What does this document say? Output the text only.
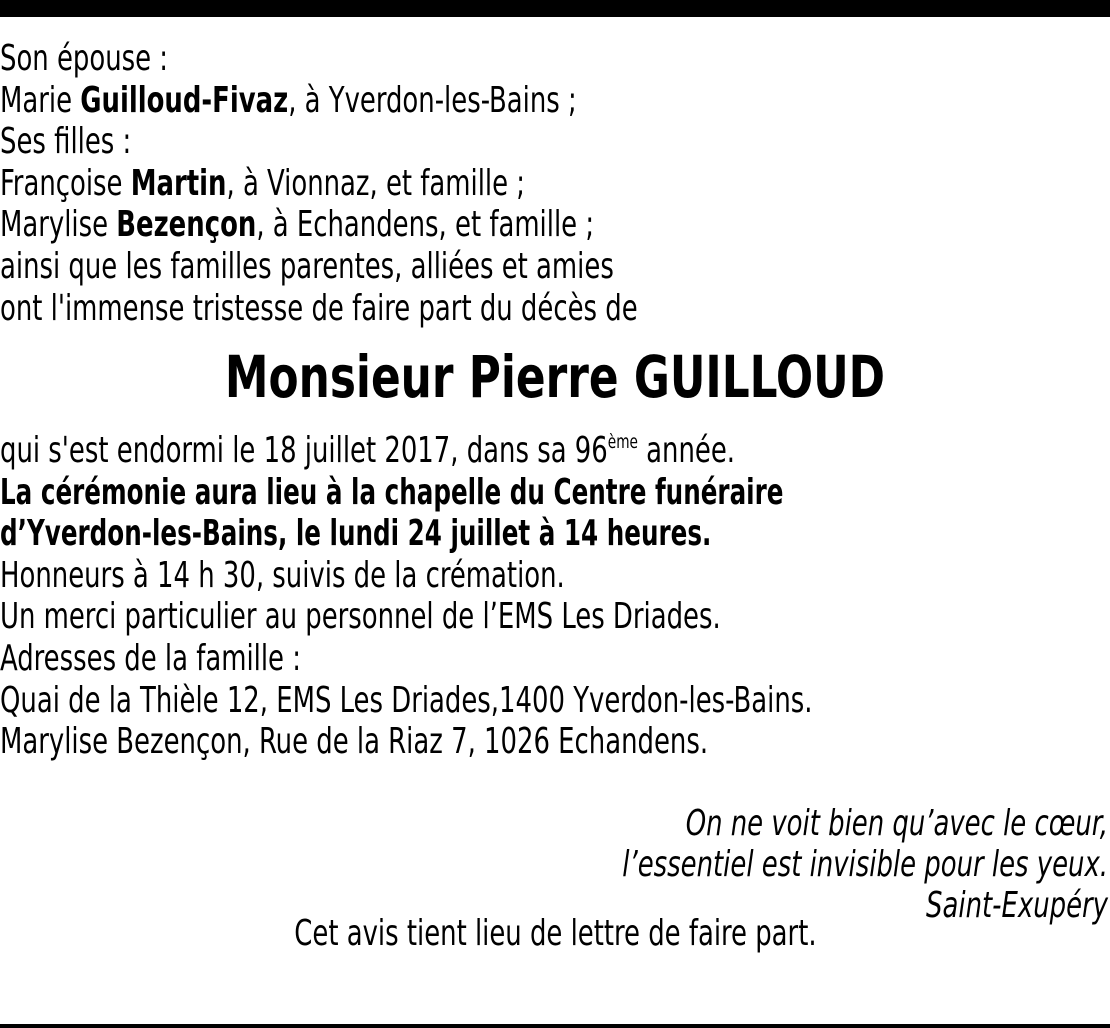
Son épouse :
Marie Guilloud-Fivaz, à Yverdon-les-Bains ;
Ses filles :
Françoise Martin, à Vionnaz, et famille ;
Marylise Bezençon, à Echandens, et famille ;
ainsi que les familles parentes, alliées et amies
ont l'immense tristesse de faire part du décès de
Monsieur Pierre GUILLOUD
qui s'est endormi le 18 juillet 2017, dans sa 96ème année.
La cérémonie aura lieu à la chapelle du Centre funéraire
d’Yverdon-les-Bains, le lundi 24 juillet à 14 heures.
Honneurs à 14 h 30, suivis de la crémation.
Un merci particulier au personnel de l’EMS Les Driades.
Adresses de la famille :
Quai de la Thièle 12, EMS Les Driades,1400 Yverdon-les-Bains.
Marylise Bezençon, Rue de la Riaz 7, 1026 Echandens.
On ne voit bien qu’avec le cœur,
l’essentiel est invisible pour les yeux.
Saint-Exupéry
Cet avis tient lieu de lettre de faire part.
